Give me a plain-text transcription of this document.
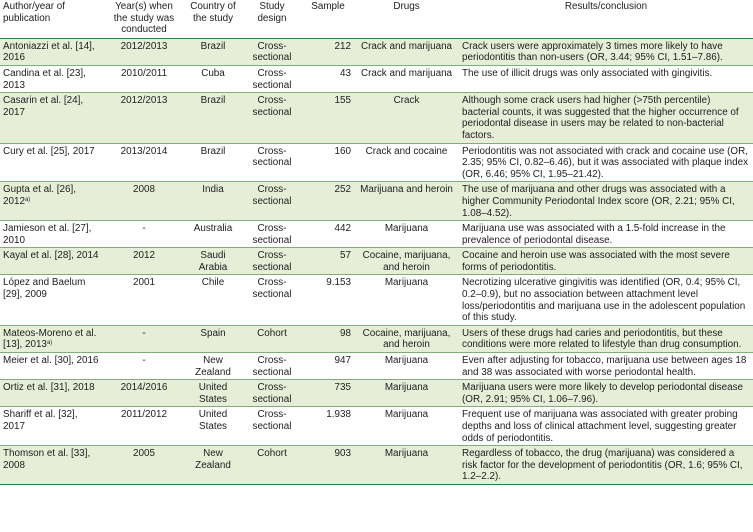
Author/year of publication	Year(s) when the study was conducted	Country of the study	Study design	Sample	Drugs	Results/conclusion
Antoniazzi et al. [14], 2016	2012/2013	Brazil	Cross-sectional	212	Crack and marijuana	Crack users were approximately 3 times more likely to have periodontitis than non-users (OR, 3.44; 95% CI, 1.51–7.86).
Candina et al. [23], 2013	2010/2011	Cuba	Cross-sectional	43	Crack and marijuana	The use of illicit drugs was only associated with gingivitis.
Casarin et al. [24], 2017	2012/2013	Brazil	Cross-sectional	155	Crack	Although some crack users had higher (>75th percentile) bacterial counts, it was suggested that the higher occurrence of periodontal disease in users may be related to non-bacterial factors.
Cury et al. [25], 2017	2013/2014	Brazil	Cross-sectional	160	Crack and cocaine	Periodontitis was not associated with crack and cocaine use (OR, 2.35; 95% CI, 0.82–6.46), but it was associated with plaque index (OR, 6.46; 95% CI, 1.95–21.42).
Gupta et al. [26], 2012$^{a)}$	2008	India	Cross-sectional	252	Marijuana and heroin	The use of marijuana and other drugs was associated with a higher Community Periodontal Index score (OR, 2.21; 95% CI, 1.08–4.52).
Jamieson et al. [27], 2010	-	Australia	Cross-sectional	442	Marijuana	Marijuana use was associated with a 1.5-fold increase in the prevalence of periodontal disease.
Kayal et al. [28], 2014	2012	Saudi Arabia	Cross-sectional	57	Cocaine, marijuana, and heroin	Cocaine and heroin use was associated with the most severe forms of periodontitis.
López and Baelum [29], 2009	2001	Chile	Cross-sectional	9.153	Marijuana	Necrotizing ulcerative gingivitis was identified (OR, 0.4; 95% CI, 0.2–0.9), but no association between attachment level loss/periodontitis and marijuana use in the adolescent population of this study.
Mateos-Moreno et al. [13], 2013$^{a)}$	-	Spain	Cohort	98	Cocaine, marijuana, and heroin	Users of these drugs had caries and periodontitis, but these conditions were more related to lifestyle than drug consumption.
Meier et al. [30], 2016	-	New Zealand	Cross-sectional	947	Marijuana	Even after adjusting for tobacco, marijuana use between ages 18 and 38 was associated with worse periodontal health.
Ortiz et al. [31], 2018	2014/2016	United States	Cross-sectional	735	Marijuana	Marijuana users were more likely to develop periodontal disease (OR, 2.91; 95% CI, 1.06–7.96).
Shariff et al. [32], 2017	2011/2012	United States	Cross-sectional	1.938	Marijuana	Frequent use of marijuana was associated with greater probing depths and loss of clinical attachment level, suggesting greater odds of periodontitis.
Thomson et al. [33], 2008	2005	New Zealand	Cohort	903	Marijuana	Regardless of tobacco, the drug (marijuana) was considered a risk factor for the development of periodontitis (OR, 1.6; 95% CI, 1.2–2.2).
